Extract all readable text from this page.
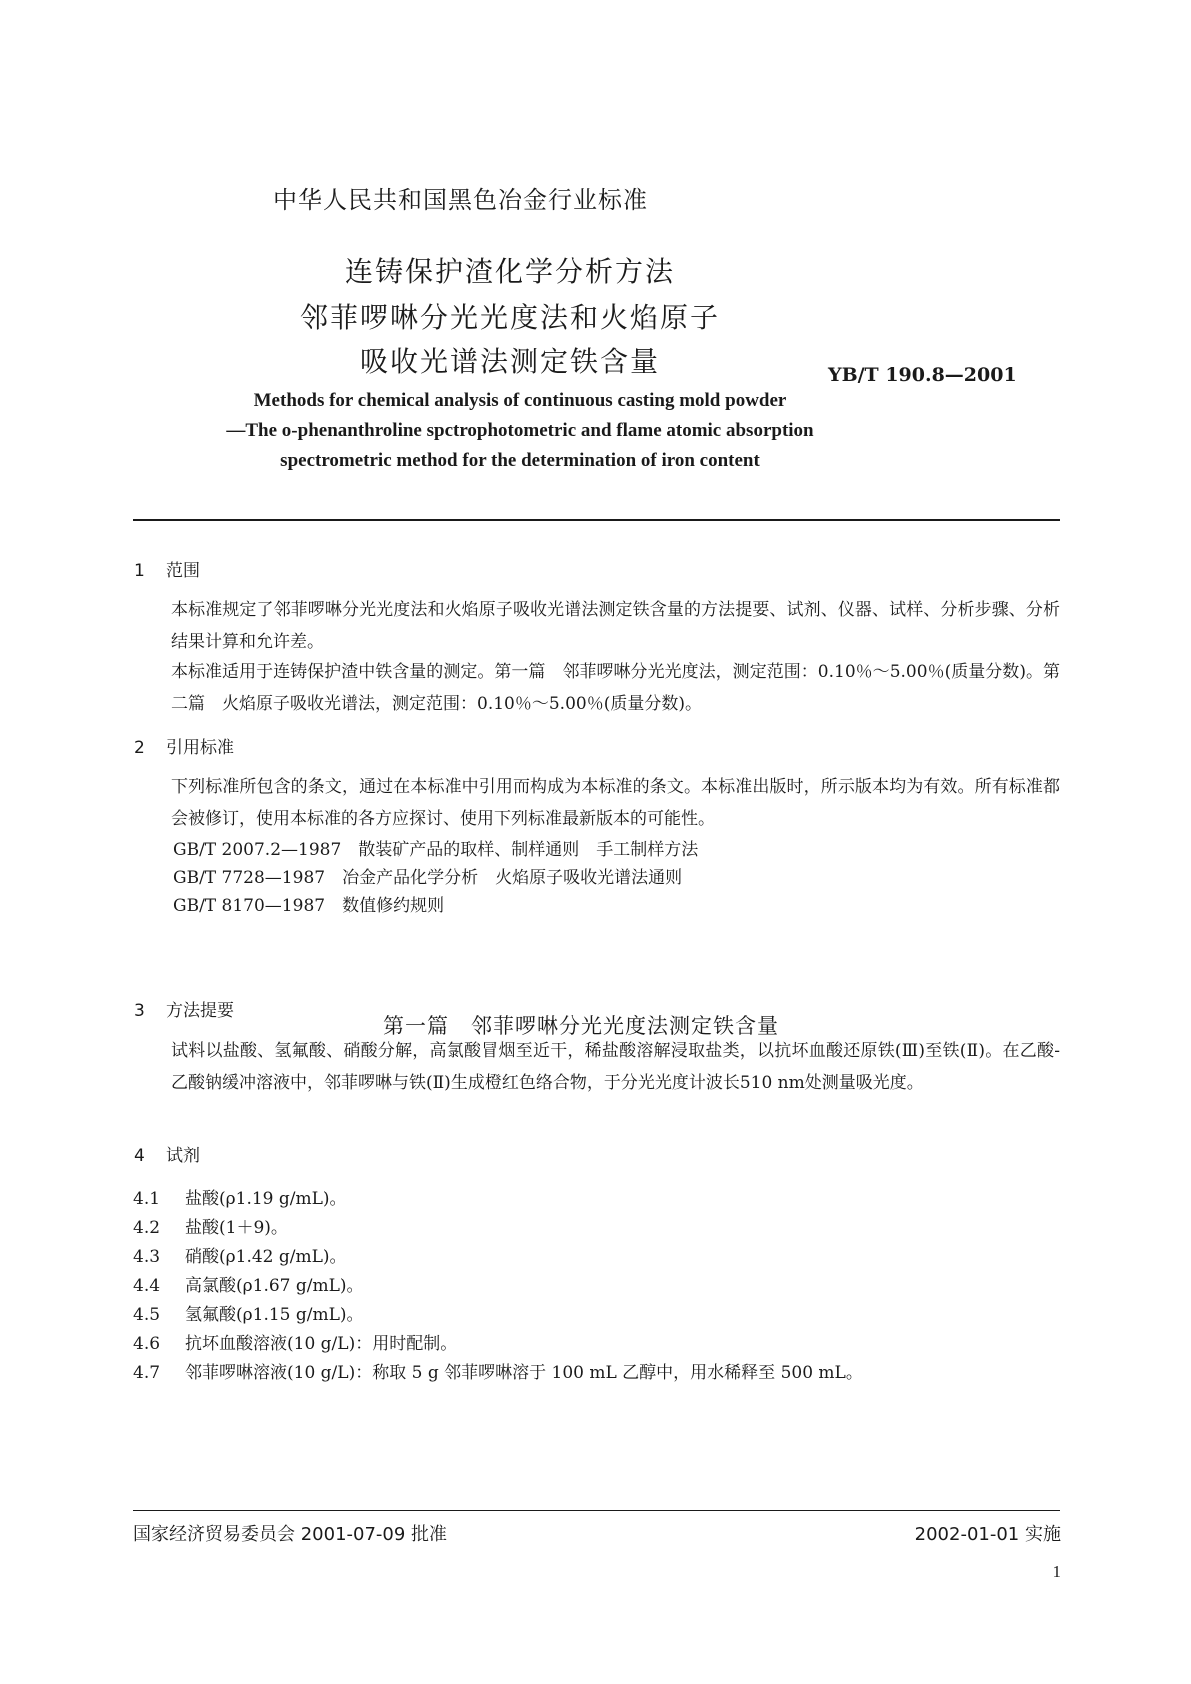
中华人民共和国黑色冶金行业标准
连铸保护渣化学分析方法
邻菲啰啉分光光度法和火焰原子
吸收光谱法测定铁含量	YB/T 190.8—2001
Methods for chemical analysis of continuous casting mold powder
—The o-phenanthroline spctrophotometric and flame atomic absorption
spectrometric method for the determination of iron content
1 范围
本标准规定了邻菲啰啉分光光度法和火焰原子吸收光谱法测定铁含量的方法提要、试剂、仪器、试样、分析步骤、分析结果计算和允许差。
本标准适用于连铸保护渣中铁含量的测定。第一篇　邻菲啰啉分光光度法，测定范围：0.10％～5.00％(质量分数)。第二篇　火焰原子吸收光谱法，测定范围：0.10％～5.00％(质量分数)。
2 引用标准
下列标准所包含的条文，通过在本标准中引用而构成为本标准的条文。本标准出版时，所示版本均为有效。所有标准都会被修订，使用本标准的各方应探讨、使用下列标准最新版本的可能性。
GB/T 2007.2—1987　散装矿产品的取样、制样通则　手工制样方法
GB/T 7728—1987　冶金产品化学分析　火焰原子吸收光谱法通则
GB/T 8170—1987　数值修约规则
第一篇　邻菲啰啉分光光度法测定铁含量
3 方法提要
试料以盐酸、氢氟酸、硝酸分解，高氯酸冒烟至近干，稀盐酸溶解浸取盐类，以抗坏血酸还原铁(Ⅲ)至铁(Ⅱ)。在乙酸-乙酸钠缓冲溶液中，邻菲啰啉与铁(Ⅱ)生成橙红色络合物，于分光光度计波长510 nm处测量吸光度。
4 试剂
4.1 盐酸(ρ1.19 g/mL)。
4.2 盐酸(1＋9)。
4.3 硝酸(ρ1.42 g/mL)。
4.4 高氯酸(ρ1.67 g/mL)。
4.5 氢氟酸(ρ1.15 g/mL)。
4.6 抗坏血酸溶液(10 g/L)：用时配制。
4.7 邻菲啰啉溶液(10 g/L)：称取 5 g 邻菲啰啉溶于 100 mL 乙醇中，用水稀释至 500 mL。
国家经济贸易委员会 2001-07-09 批准	2002-01-01 实施
1
